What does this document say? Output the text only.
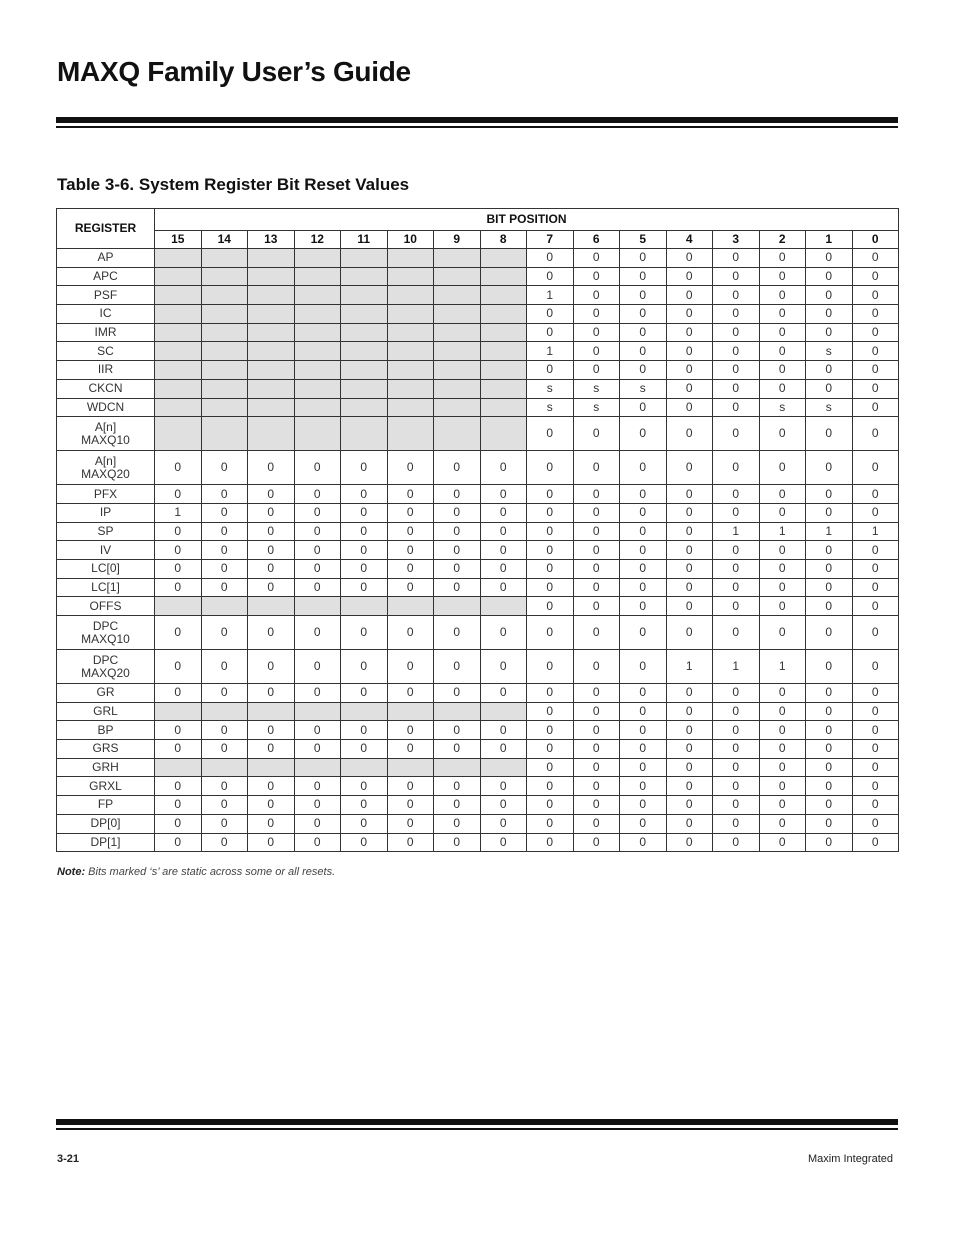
MAXQ Family User’s Guide
Table 3-6. System Register Bit Reset Values
REGISTER	BIT POSITION															
	15	14	13	12	11	10	9	8	7	6	5	4	3	2	1	0

AP									0	0	0	0	0	0	0	0

APC									0	0	0	0	0	0	0	0

PSF									1	0	0	0	0	0	0	0

IC									0	0	0	0	0	0	0	0

IMR									0	0	0	0	0	0	0	0

SC									1	0	0	0	0	0	s	0

IIR									0	0	0	0	0	0	0	0

CKCN									s	s	s	0	0	0	0	0

WDCN									s	s	0	0	0	s	s	0

A[n]
MAXQ10									0	0	0	0	0	0	0	0

A[n]
MAXQ20	0	0	0	0	0	0	0	0	0	0	0	0	0	0	0	0

PFX	0	0	0	0	0	0	0	0	0	0	0	0	0	0	0	0

IP	1	0	0	0	0	0	0	0	0	0	0	0	0	0	0	0

SP	0	0	0	0	0	0	0	0	0	0	0	0	1	1	1	1

IV	0	0	0	0	0	0	0	0	0	0	0	0	0	0	0	0

LC[0]	0	0	0	0	0	0	0	0	0	0	0	0	0	0	0	0

LC[1]	0	0	0	0	0	0	0	0	0	0	0	0	0	0	0	0

OFFS									0	0	0	0	0	0	0	0

DPC
MAXQ10	0	0	0	0	0	0	0	0	0	0	0	0	0	0	0	0

DPC
MAXQ20	0	0	0	0	0	0	0	0	0	0	0	1	1	1	0	0

GR	0	0	0	0	0	0	0	0	0	0	0	0	0	0	0	0

GRL									0	0	0	0	0	0	0	0

BP	0	0	0	0	0	0	0	0	0	0	0	0	0	0	0	0

GRS	0	0	0	0	0	0	0	0	0	0	0	0	0	0	0	0

GRH									0	0	0	0	0	0	0	0

GRXL	0	0	0	0	0	0	0	0	0	0	0	0	0	0	0	0

FP	0	0	0	0	0	0	0	0	0	0	0	0	0	0	0	0

DP[0]	0	0	0	0	0	0	0	0	0	0	0	0	0	0	0	0

DP[1]	0	0	0	0	0	0	0	0	0	0	0	0	0	0	0	0

Note: Bits marked ‘s’ are static across some or all resets.

3-21	Maxim Integrated
